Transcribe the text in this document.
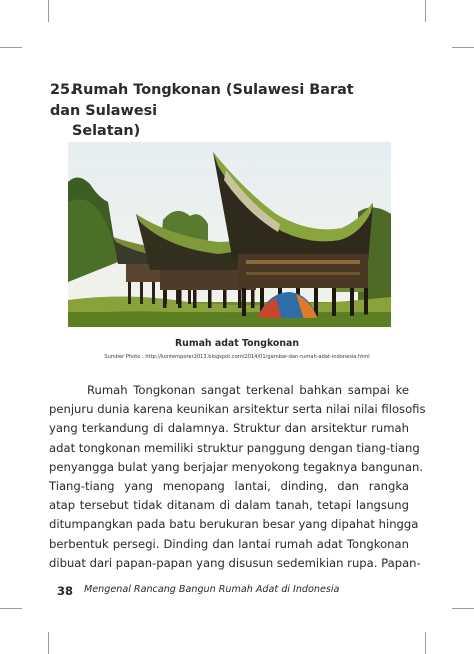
25.Rumah Tongkonan (Sulawesi Barat dan Sulawesi
Selatan)
Rumah adat Tongkonan
Sumber Photo : http://kontemporer2013.blogspot.com/2014/01/gambar-dan-rumah-adat-indonesia.html
Rumah Tongkonan sangat terkenal bahkan sampai ke
penjuru dunia karena keunikan arsitektur serta nilai nilai filosofis
yang terkandung di dalamnya. Struktur dan arsitektur rumah
adat tongkonan memiliki struktur panggung dengan tiang-tiang
penyangga bulat yang berjajar menyokong tegaknya bangunan.
Tiang-tiang yang menopang lantai, dinding, dan rangka
atap tersebut tidak ditanam di dalam tanah, tetapi langsung
ditumpangkan pada batu berukuran besar yang dipahat hingga
berbentuk persegi. Dinding dan lantai rumah adat Tongkonan
dibuat dari papan-papan yang disusun sedemikian rupa. Papan-
38 Mengenal Rancang Bangun Rumah Adat di Indonesia
